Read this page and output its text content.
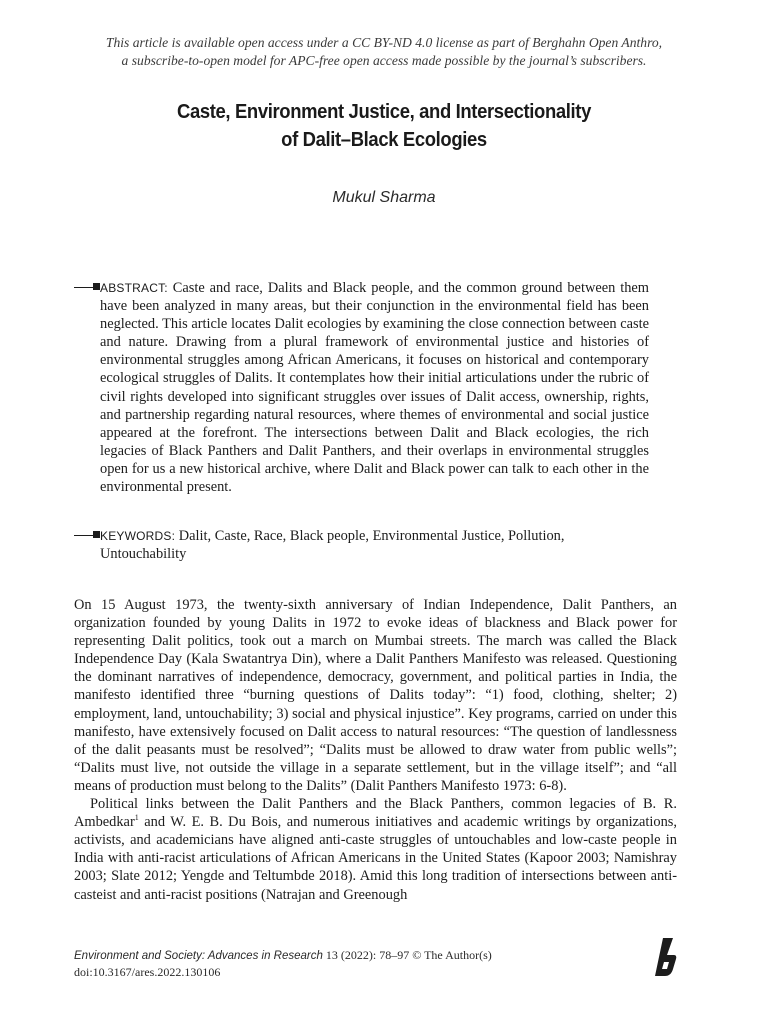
This article is available open access under a CC BY-ND 4.0 license as part of Berghahn Open Anthro,
a subscribe-to-open model for APC-free open access made possible by the journal’s subscribers.
Caste, Environment Justice, and Intersectionality
of Dalit–Black Ecologies
Mukul Sharma
ABSTRACT: Caste and race, Dalits and Black people, and the common ground between them have been analyzed in many areas, but their conjunction in the environmental field has been neglected. This article locates Dalit ecologies by examining the close connection between caste and nature. Drawing from a plural framework of environmental justice and histories of environmental struggles among African Americans, it focuses on historical and contemporary ecological struggles of Dalits. It contemplates how their initial articulations under the rubric of civil rights developed into significant struggles over issues of Dalit access, ownership, rights, and partnership regarding natural resources, where themes of environmental and social justice appeared at the forefront. The intersections between Dalit and Black ecologies, the rich legacies of Black Panthers and Dalit Panthers, and their overlaps in environmental struggles open for us a new historical archive, where Dalit and Black power can talk to each other in the environmental present.
KEYWORDS: Dalit, Caste, Race, Black people, Environmental Justice, Pollution, Untouchability

On 15 August 1973, the twenty-sixth anniversary of Indian Independence, Dalit Panthers, an organization founded by young Dalits in 1972 to evoke ideas of blackness and Black power for representing Dalit politics, took out a march on Mumbai streets. The march was called the Black Independence Day (Kala Swatantrya Din), where a Dalit Panthers Manifesto was released. Questioning the dominant narratives of independence, democracy, government, and political parties in India, the manifesto identified three “burning questions of Dalits today”: “1) food, clothing, shelter; 2) employment, land, untouchability; 3) social and physical injustice”. Key programs, carried on under this manifesto, have extensively focused on Dalit access to natural resources: “The question of landlessness of the dalit peasants must be resolved”; “Dalits must be allowed to draw water from public wells”; “Dalits must live, not outside the village in a separate settlement, but in the village itself”; and “all means of production must belong to the Dalits” (Dalit Panthers Manifesto 1973: 6-8).

Political links between the Dalit Panthers and the Black Panthers, common legacies of B. R. Ambedkar$^1$ and W. E. B. Du Bois, and numerous initiatives and academic writings by organizations, activists, and academicians have aligned anti-caste struggles of untouchables and low-caste people in India with anti-racist articulations of African Americans in the United States (Kapoor 2003; Namishray 2003; Slate 2012; Yengde and Teltumbde 2018). Amid this long tradition of intersections between anti-casteist and anti-racist positions (Natrajan and Greenough

Environment and Society: Advances in Research 13 (2022): 78–97 © The Author(s)
doi:10.3167/ares.2022.130106
